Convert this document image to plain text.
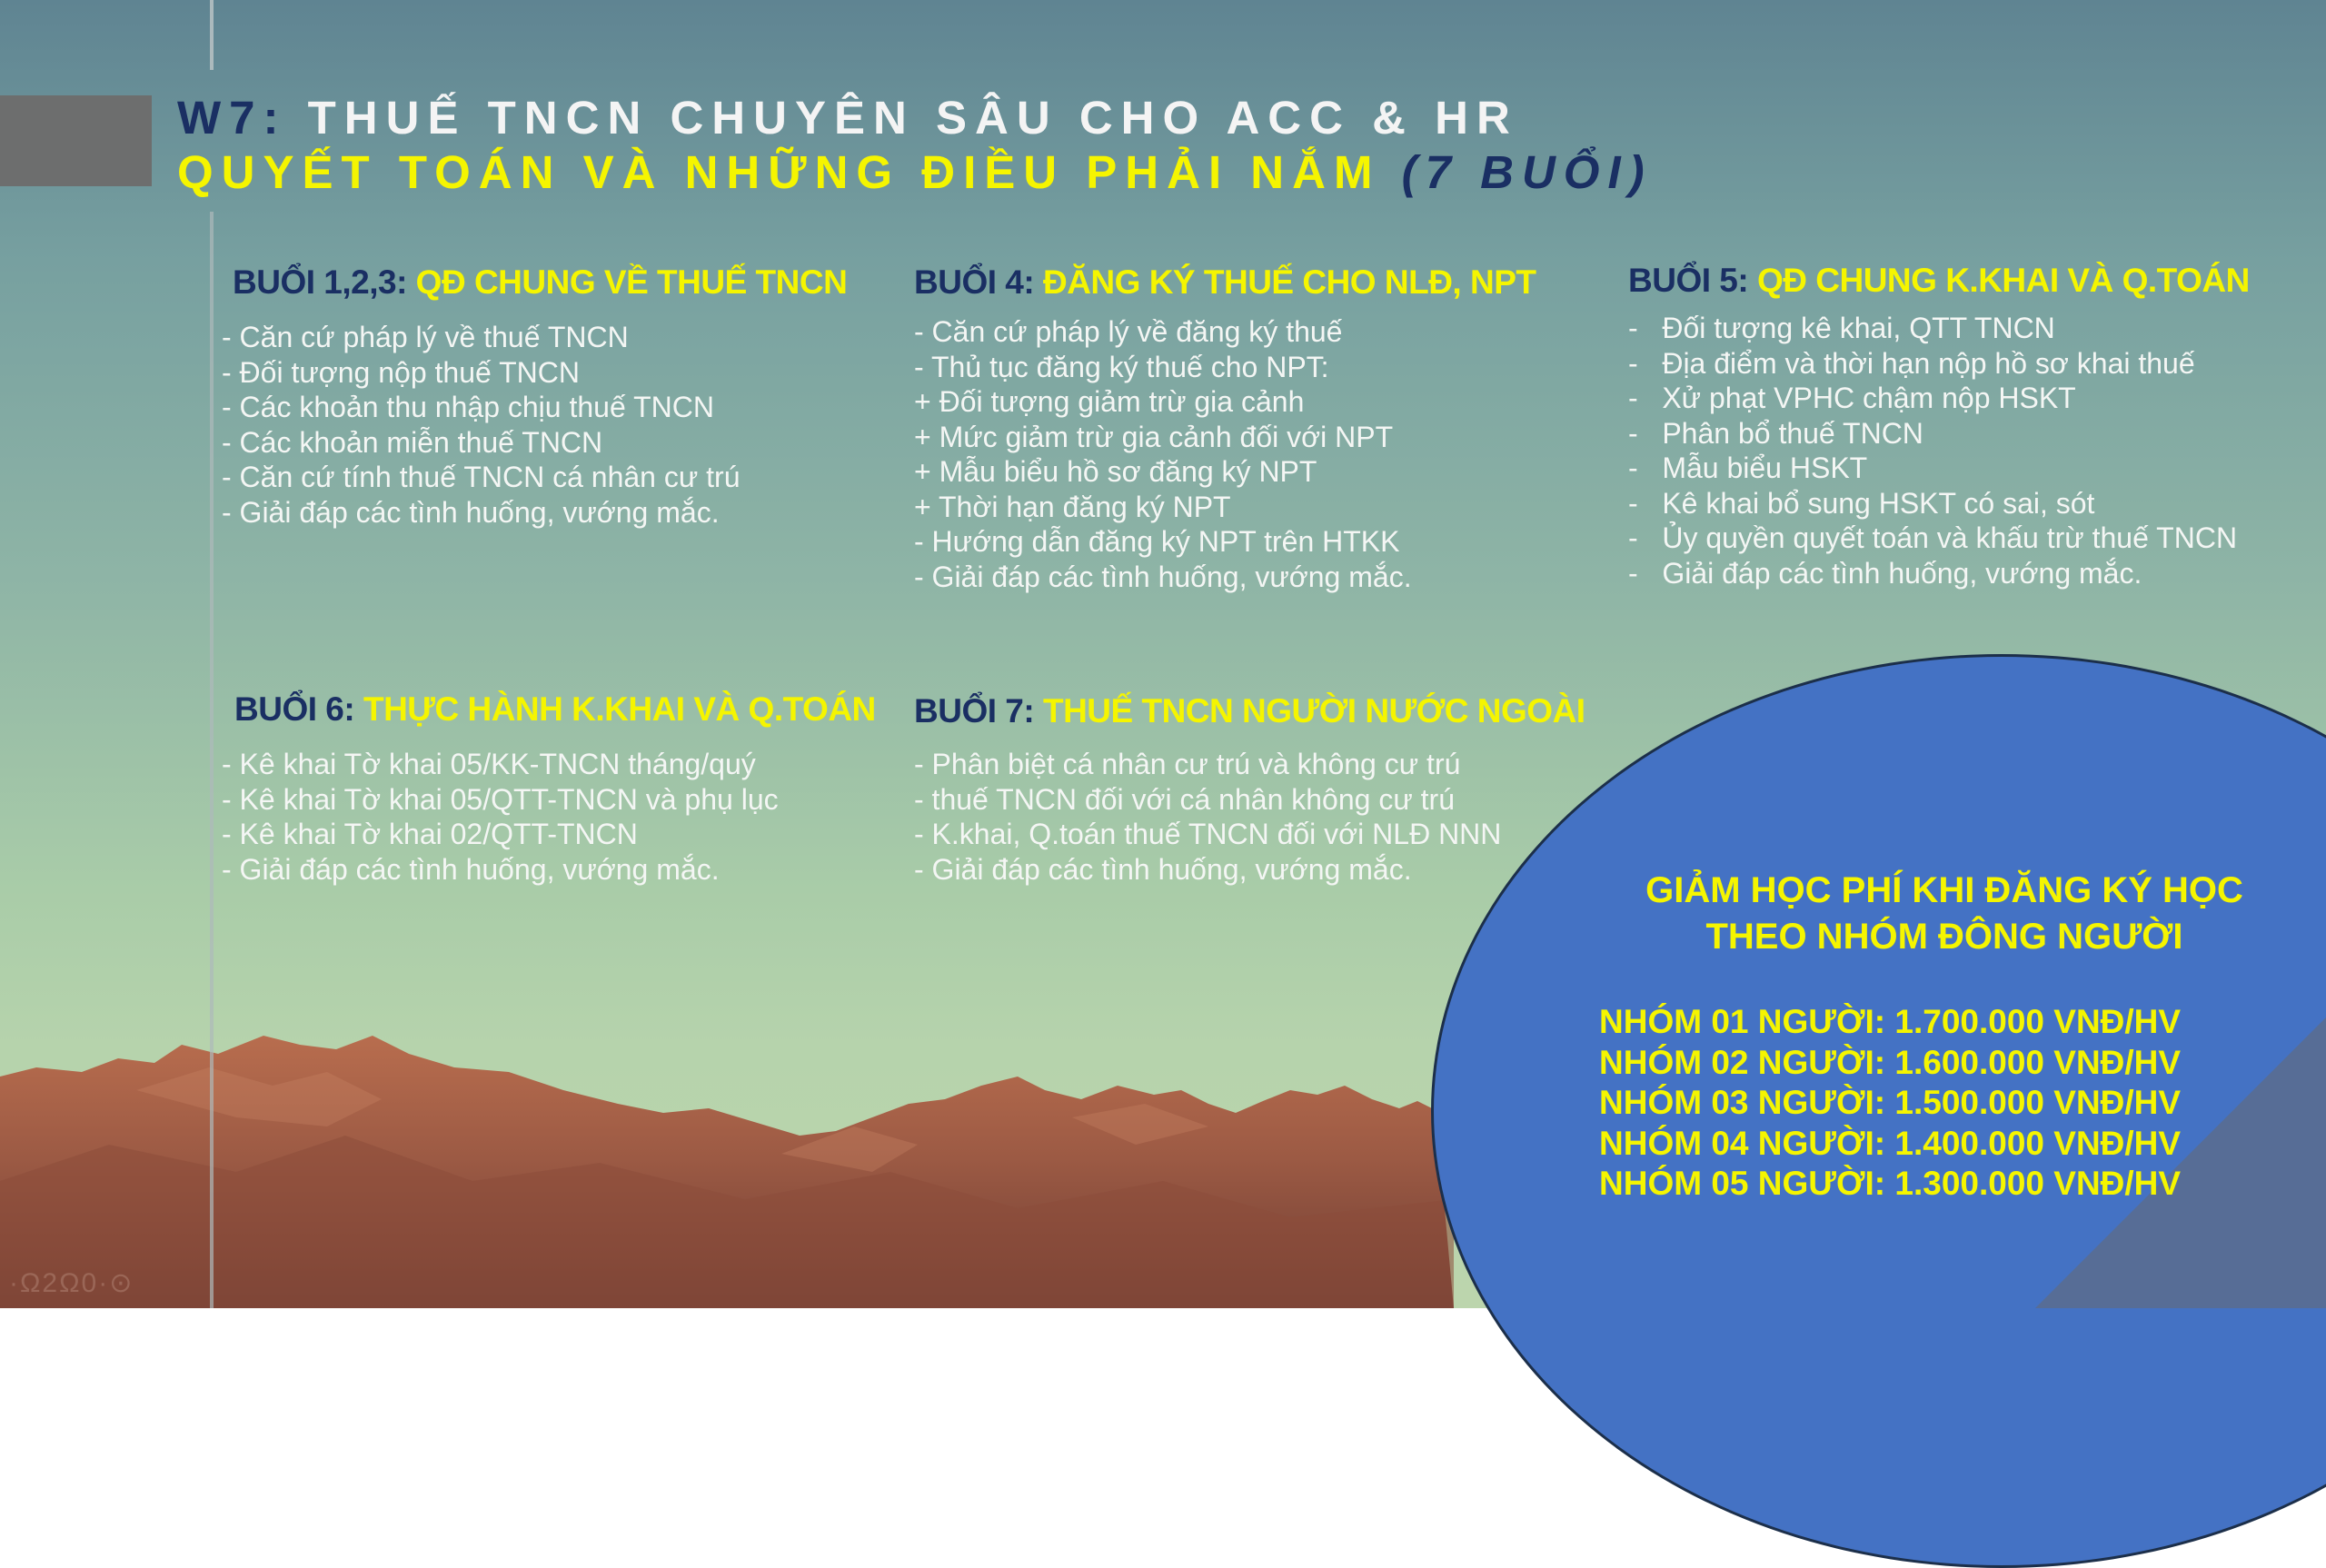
W7: THUẾ TNCN CHUYÊN SÂU CHO ACC & HR
QUYẾT TOÁN VÀ NHỮNG ĐIỀU PHẢI NẮM (7 BUỔI)
BUỔI 1,2,3: QĐ CHUNG VỀ THUẾ TNCN
- Căn cứ pháp lý về thuế TNCN
- Đối tượng nộp thuế TNCN
- Các khoản thu nhập chịu thuế TNCN
- Các khoản miễn thuế TNCN
- Căn cứ tính thuế TNCN cá nhân cư trú
- Giải đáp các tình huống, vướng mắc.
BUỔI 4: ĐĂNG KÝ THUẾ CHO NLĐ, NPT
- Căn cứ pháp lý về đăng ký thuế
- Thủ tục đăng ký thuế cho NPT:
+ Đối tượng giảm trừ gia cảnh
+ Mức giảm trừ gia cảnh đối với NPT
+ Mẫu biểu hồ sơ đăng ký NPT
+ Thời hạn đăng ký NPT
- Hướng dẫn đăng ký NPT trên HTKK
- Giải đáp các tình huống, vướng mắc.
BUỔI 5: QĐ CHUNG K.KHAI VÀ Q.TOÁN
-   Đối tượng kê khai, QTT TNCN
-   Địa điểm và thời hạn nộp hồ sơ khai thuế
-   Xử phạt VPHC chậm nộp HSKT
-   Phân bổ thuế TNCN
-   Mẫu biểu HSKT
-   Kê khai bổ sung HSKT có sai, sót
-   Ủy quyền quyết toán và khấu trừ thuế TNCN
-   Giải đáp các tình huống, vướng mắc.
BUỔI 6: THỰC HÀNH K.KHAI VÀ Q.TOÁN
- Kê khai Tờ khai 05/KK-TNCN tháng/quý
- Kê khai Tờ khai 05/QTT-TNCN và phụ lục
- Kê khai Tờ khai 02/QTT-TNCN
- Giải đáp các tình huống, vướng mắc.
BUỔI 7: THUẾ TNCN NGƯỜI NƯỚC NGOÀI
- Phân biệt cá nhân cư trú và không cư trú
- thuế TNCN đối với cá nhân không cư trú
- K.khai, Q.toán thuế TNCN đối với NLĐ NNN
- Giải đáp các tình huống, vướng mắc.
GIẢM HỌC PHÍ KHI ĐĂNG KÝ HỌC
THEO NHÓM ĐÔNG NGƯỜI
NHÓM 01 NGƯỜI: 1.700.000 VNĐ/HV
NHÓM 02 NGƯỜI: 1.600.000 VNĐ/HV
NHÓM 03 NGƯỜI: 1.500.000 VNĐ/HV
NHÓM 04 NGƯỜI: 1.400.000 VNĐ/HV
NHÓM 05 NGƯỜI: 1.300.000 VNĐ/HV
·Ω2Ω0·⊙
